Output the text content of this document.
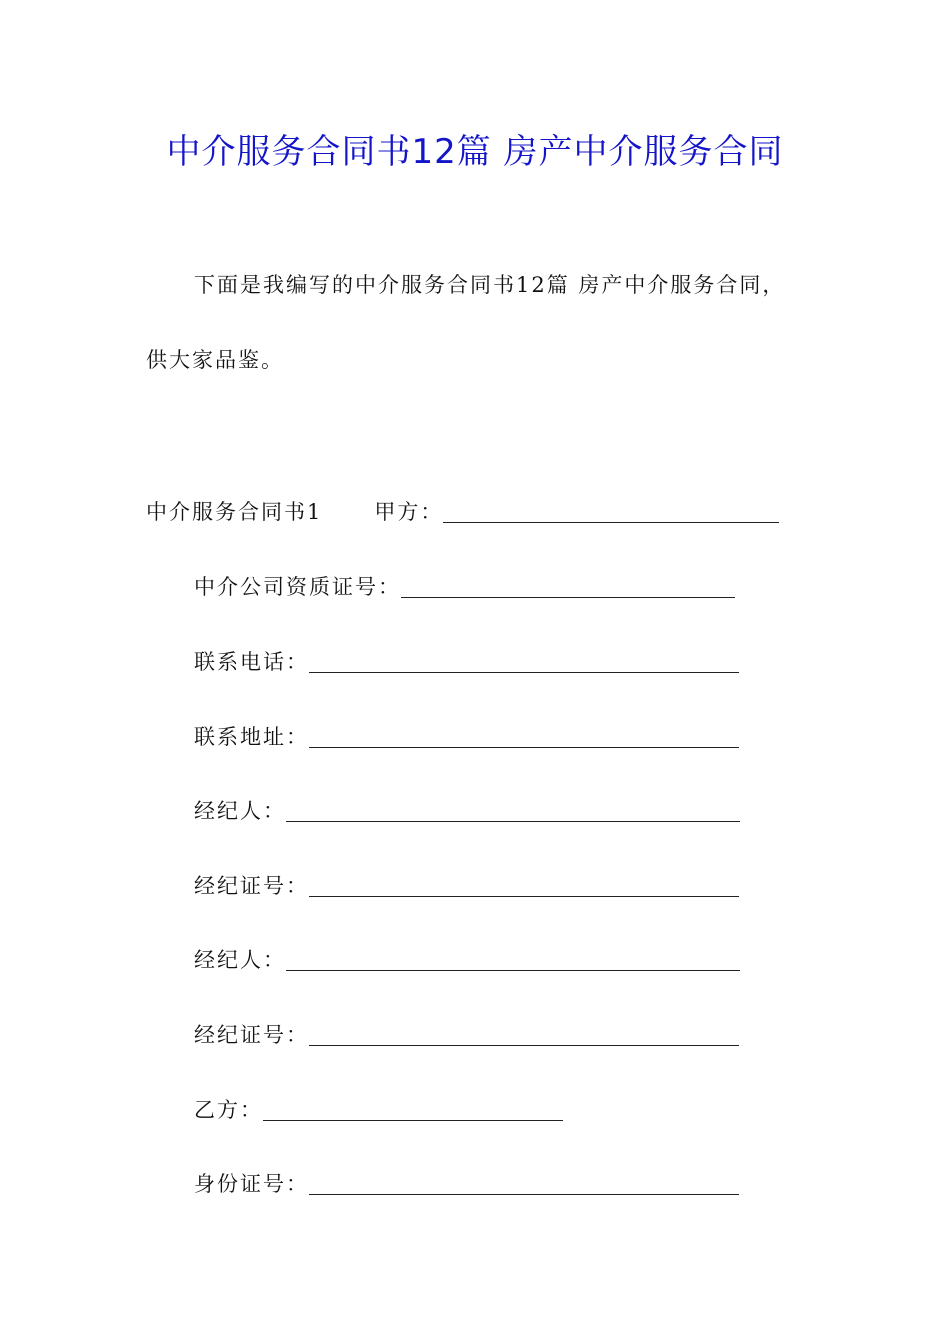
中介服务合同书12篇 房产中介服务合同
下面是我编写的中介服务合同书12篇 房产中介服务合同，
供大家品鉴。
中介服务合同书1 甲方：
中介公司资质证号：
联系电话：
联系地址：
经纪人：
经纪证号：
经纪人：
经纪证号：
乙方：
身份证号：
